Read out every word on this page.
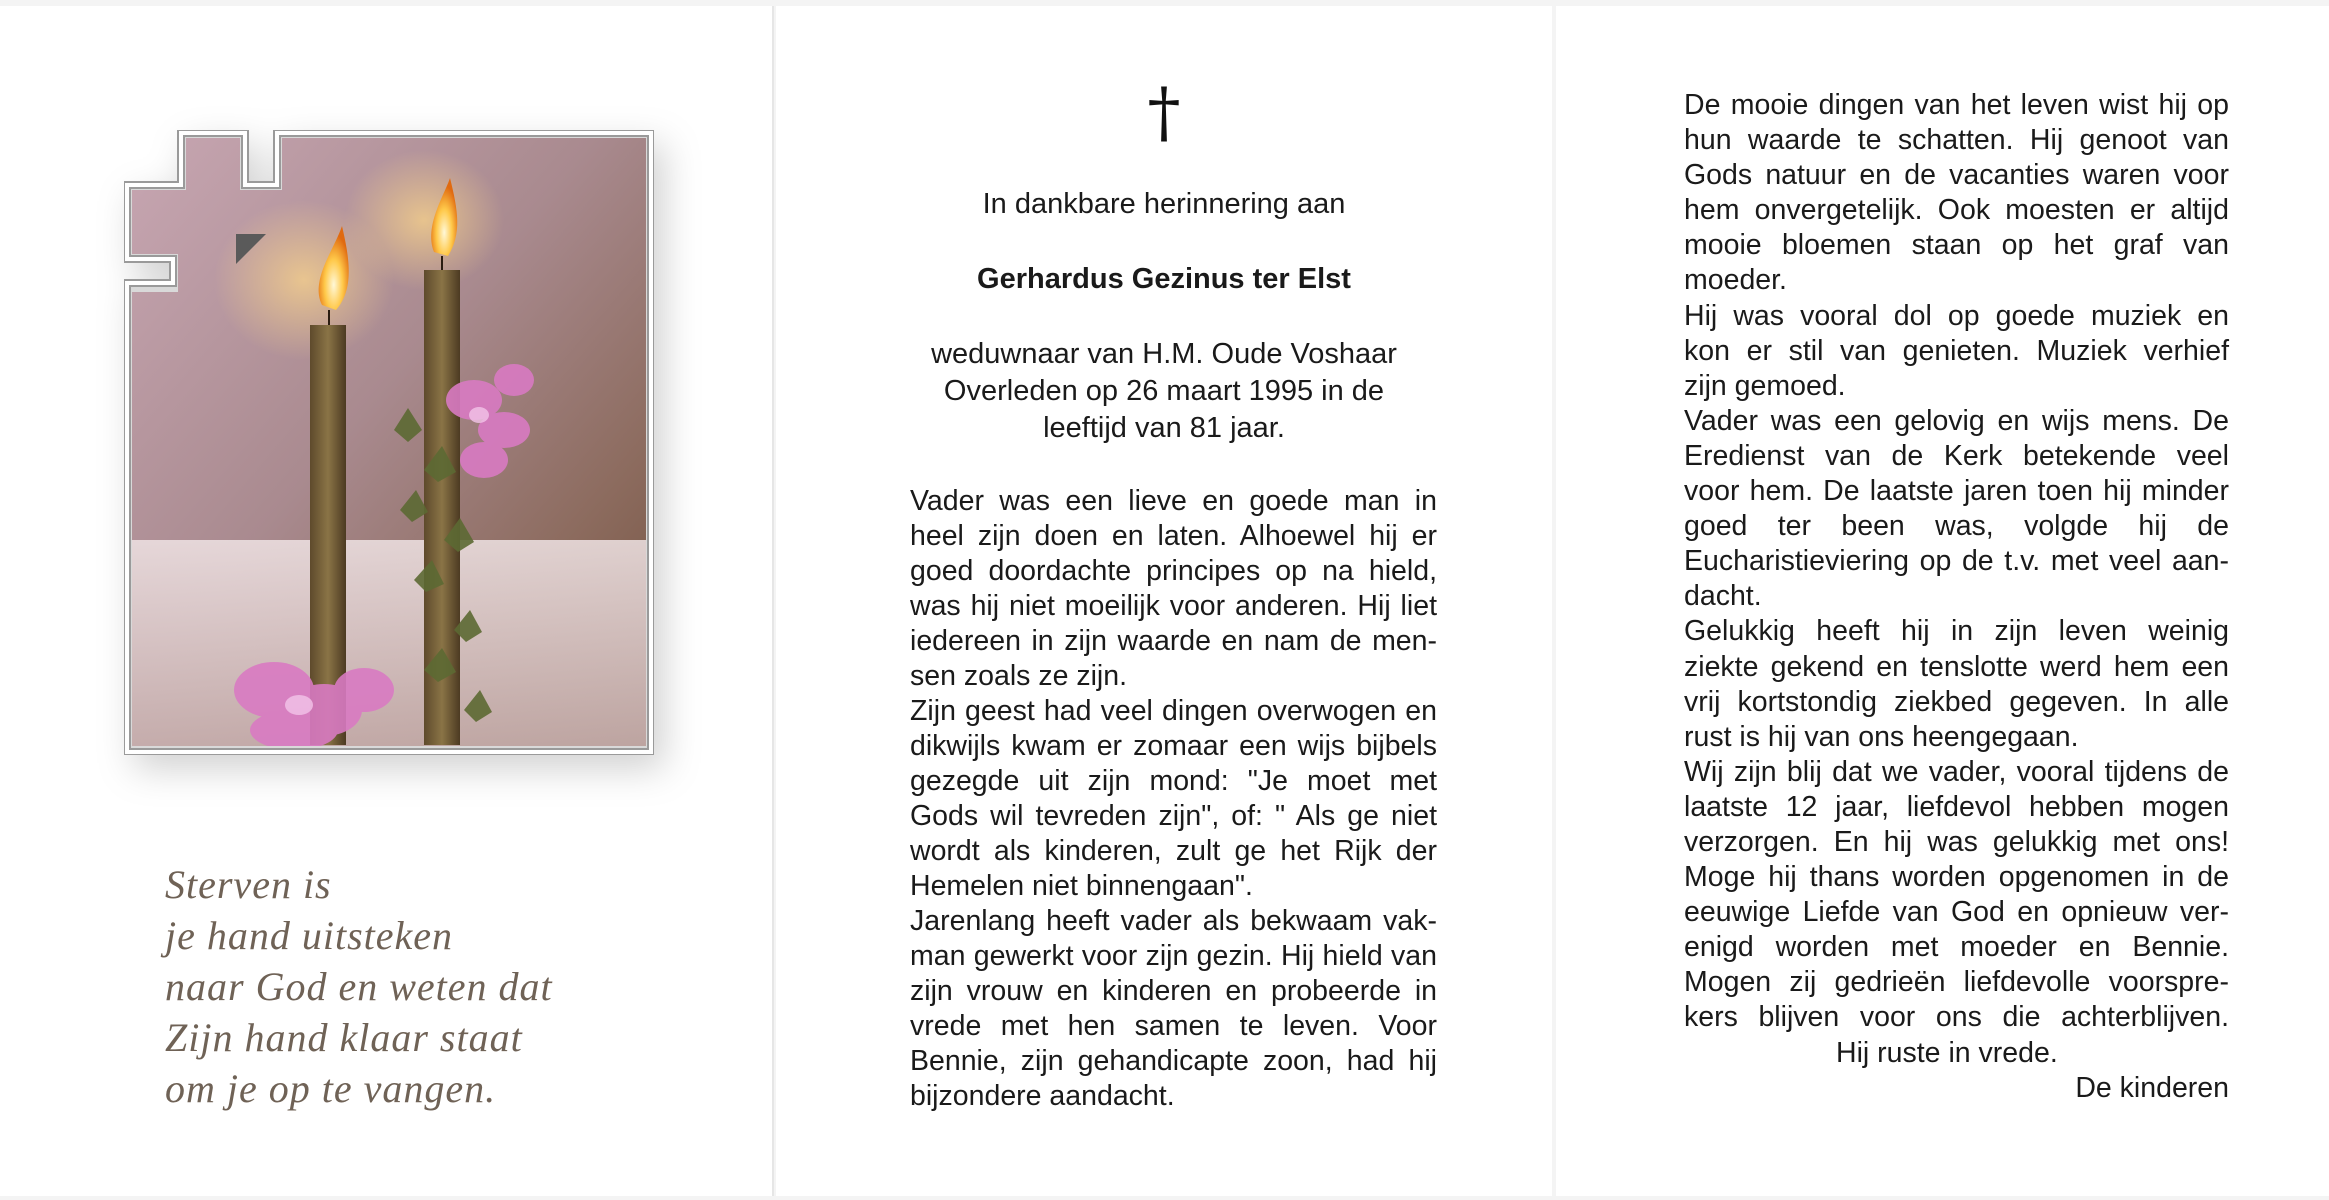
Sterven is
je hand uitsteken
naar God en weten dat
Zijn hand klaar staat
om je op te vangen.
†
In dankbare herinnering aan
Gerhardus Gezinus ter Elst
weduwnaar van H.M. Oude Voshaar
Overleden op 26 maart 1995 in de
leeftijd van 81 jaar.
Vader was een lieve en goede man in
heel zijn doen en laten. Alhoewel hij er
goed doordachte principes op na hield,
was hij niet moeilijk voor anderen. Hij liet
iedereen in zijn waarde en nam de men-
sen zoals ze zijn.
Zijn geest had veel dingen overwogen en
dikwijls kwam er zomaar een wijs bijbels
gezegde uit zijn mond: "Je moet met
Gods wil tevreden zijn", of: " Als ge niet
wordt als kinderen, zult ge het Rijk der
Hemelen niet binnengaan".
Jarenlang heeft vader als bekwaam vak-
man gewerkt voor zijn gezin. Hij hield van
zijn vrouw en kinderen en probeerde in
vrede met hen samen te leven. Voor
Bennie, zijn gehandicapte zoon, had hij
bijzondere aandacht.
De mooie dingen van het leven wist hij op
hun waarde te schatten. Hij genoot van
Gods natuur en de vacanties waren voor
hem onvergetelijk. Ook moesten er altijd
mooie bloemen staan op het graf van
moeder.
Hij was vooral dol op goede muziek en
kon er stil van genieten. Muziek verhief
zijn gemoed.
Vader was een gelovig en wijs mens. De
Eredienst van de Kerk betekende veel
voor hem. De laatste jaren toen hij minder
goed ter been was, volgde hij de
Eucharistieviering op de t.v. met veel aan-
dacht.
Gelukkig heeft hij in zijn leven weinig
ziekte gekend en tenslotte werd hem een
vrij kortstondig ziekbed gegeven. In alle
rust is hij van ons heengegaan.
Wij zijn blij dat we vader, vooral tijdens de
laatste 12 jaar, liefdevol hebben mogen
verzorgen. En hij was gelukkig met ons!
Moge hij thans worden opgenomen in de
eeuwige Liefde van God en opnieuw ver-
enigd worden met moeder en Bennie.
Mogen zij gedrieën liefdevolle voorspre-
kers blijven voor ons die achterblijven.
Hij ruste in vrede.
De kinderen
